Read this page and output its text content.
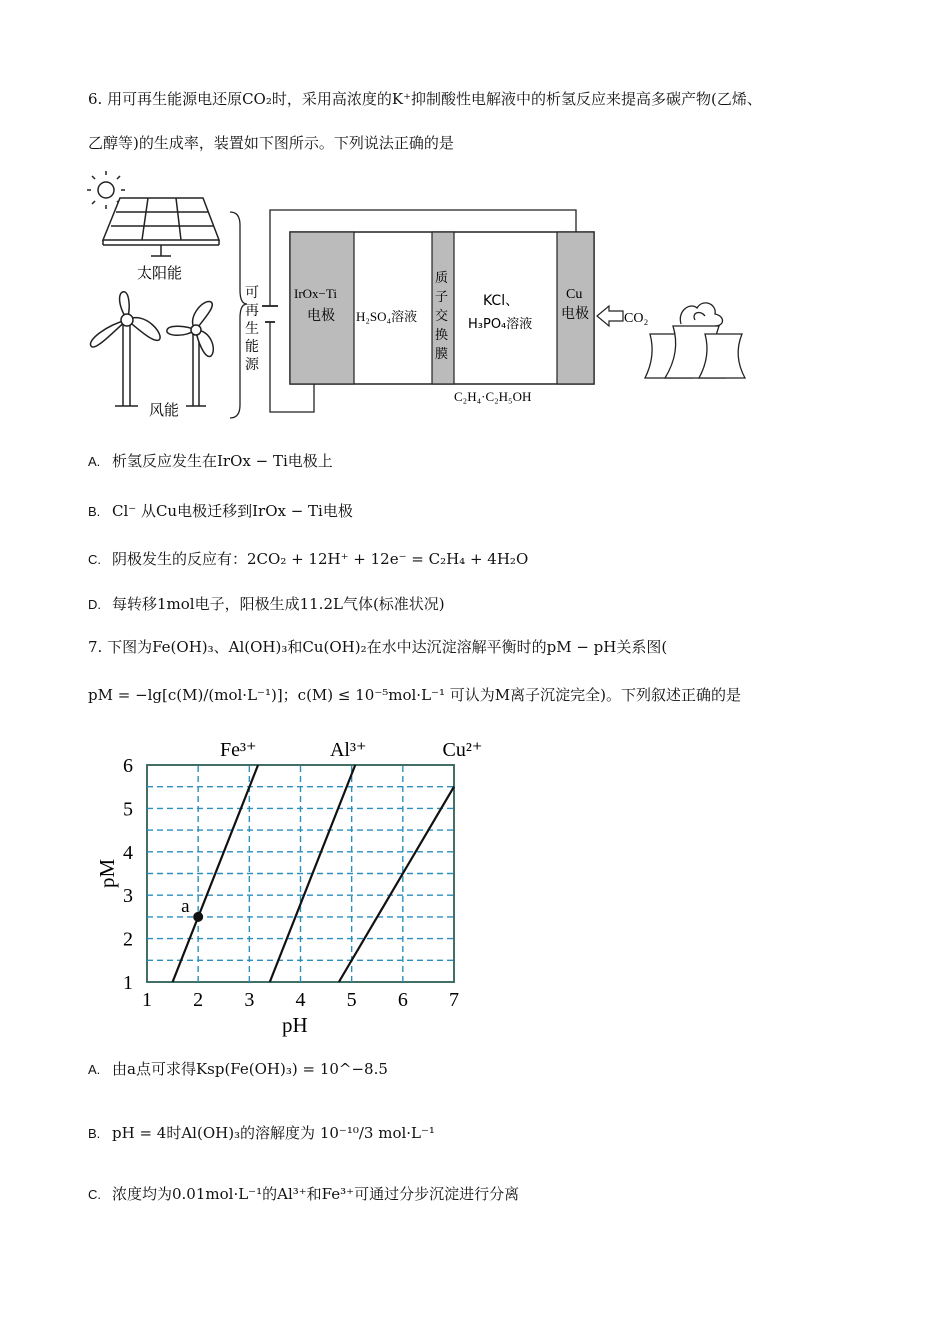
6. 用可再生能源电还原CO₂时，采用高浓度的K⁺抑制酸性电解液中的析氢反应来提高多碳产物(乙烯、
乙醇等)的生成率，装置如下图所示。下列说法正确的是
太阳能
风能
可
再
生
能
源
IrOx−Ti
电极 H₂SO₄溶液
质
子
交
换
膜
KCl、
H₃PO₄溶液
Cu
电极
C₂H₄·C₂H₅OH
CO₂
A. 析氢反应发生在IrOx − Ti电极上
B. Cl⁻ 从Cu电极迁移到IrOx − Ti电极
C. 阴极发生的反应有：2CO₂ + 12H⁺ + 12e⁻ = C₂H₄ + 4H₂O
D. 每转移1mol电子，阳极生成11.2L气体(标准状况)
7. 下图为Fe(OH)₃、Al(OH)₃和Cu(OH)₂在水中达沉淀溶解平衡时的pM − pH关系图(
pM = −lg[c(M)/(mol·L⁻¹)]；c(M) ≤ 10⁻⁵mol·L⁻¹ 可认为M离子沉淀完全)。下列叙述正确的是
1 2 3 4 5 6 7
1
2
3
4
5
6
Fe³⁺	Al³⁺	Cu²⁺
a
pH
pM
A. 由a点可求得Ksp(Fe(OH)₃) = 10^−8.5
B. pH = 4时Al(OH)₃的溶解度为 10⁻¹⁰/3 mol·L⁻¹
C. 浓度均为0.01mol·L⁻¹的Al³⁺和Fe³⁺可通过分步沉淀进行分离
